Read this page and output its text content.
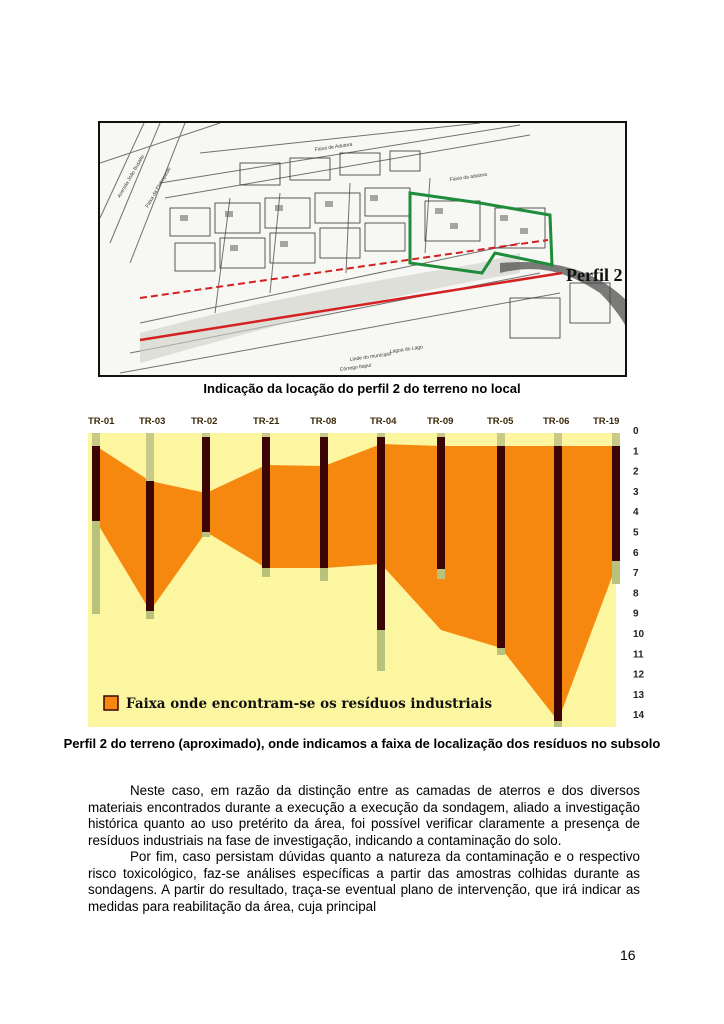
Perfil 2
Avenida João Busatto
Faixa da Eletropaulo
Faixa de Adutora
Faixa da adutora
Córrego Itapuí
Lagoa do Lago
Linde do munícipio
Indicação da locação do perfil 2 do terreno no local
TR-01	TR-03	TR-02	TR-21	TR-08	TR-04	TR-09	TR-05	TR-06 TR-19
0
1
2
3
4
5
6
7
8
9
10
11
12
13
14
Faixa onde encontram-se os resíduos industriais
Perfil 2 do terreno (aproximado), onde indicamos a faixa de localização dos resíduos no subsolo

Neste caso, em razão da distinção entre as camadas de aterros e dos diversos materiais encontrados durante a execução a execução da sondagem, aliado a investigação histórica quanto ao uso pretérito da área, foi possível verificar claramente a presença de resíduos industriais na fase de investigação, indicando a contaminação do solo.

Por fim, caso persistam dúvidas quanto a natureza da contaminação e o respectivo risco toxicológico, faz-se análises específicas a partir das amostras colhidas durante as sondagens. A partir do resultado, traça-se eventual plano de intervenção, que irá indicar as medidas para reabilitação da área, cuja principal

16
